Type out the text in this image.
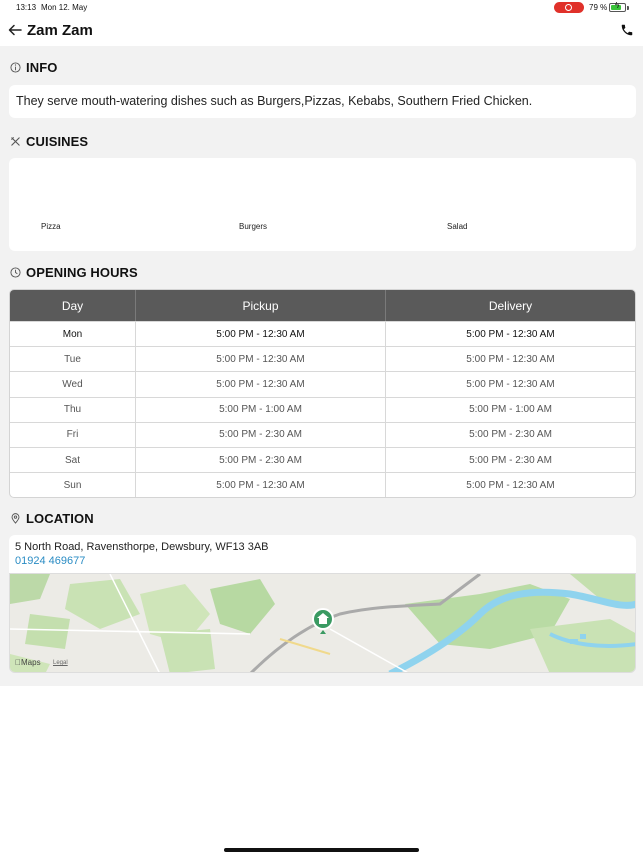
13:13 Mon 12. May	79 % ϟ
Zam Zam
INFO
They serve mouth-watering dishes such as Burgers,Pizzas, Kebabs, Southern Fried Chicken.
CUISINES
Pizza	Burgers	Salad
OPENING HOURS
Day	Pickup	Delivery
Mon	5:00 PM - 12:30 AM	5:00 PM - 12:30 AM
Tue	5:00 PM - 12:30 AM	5:00 PM - 12:30 AM
Wed	5:00 PM - 12:30 AM	5:00 PM - 12:30 AM
Thu	5:00 PM - 1:00 AM	5:00 PM - 1:00 AM
Fri	5:00 PM - 2:30 AM	5:00 PM - 2:30 AM
Sat	5:00 PM - 2:30 AM	5:00 PM - 2:30 AM
Sun	5:00 PM - 12:30 AM	5:00 PM - 12:30 AM
LOCATION
5 North Road, Ravensthorpe, Dewsbury, WF13 3AB
01924 469677
Maps	Legal
